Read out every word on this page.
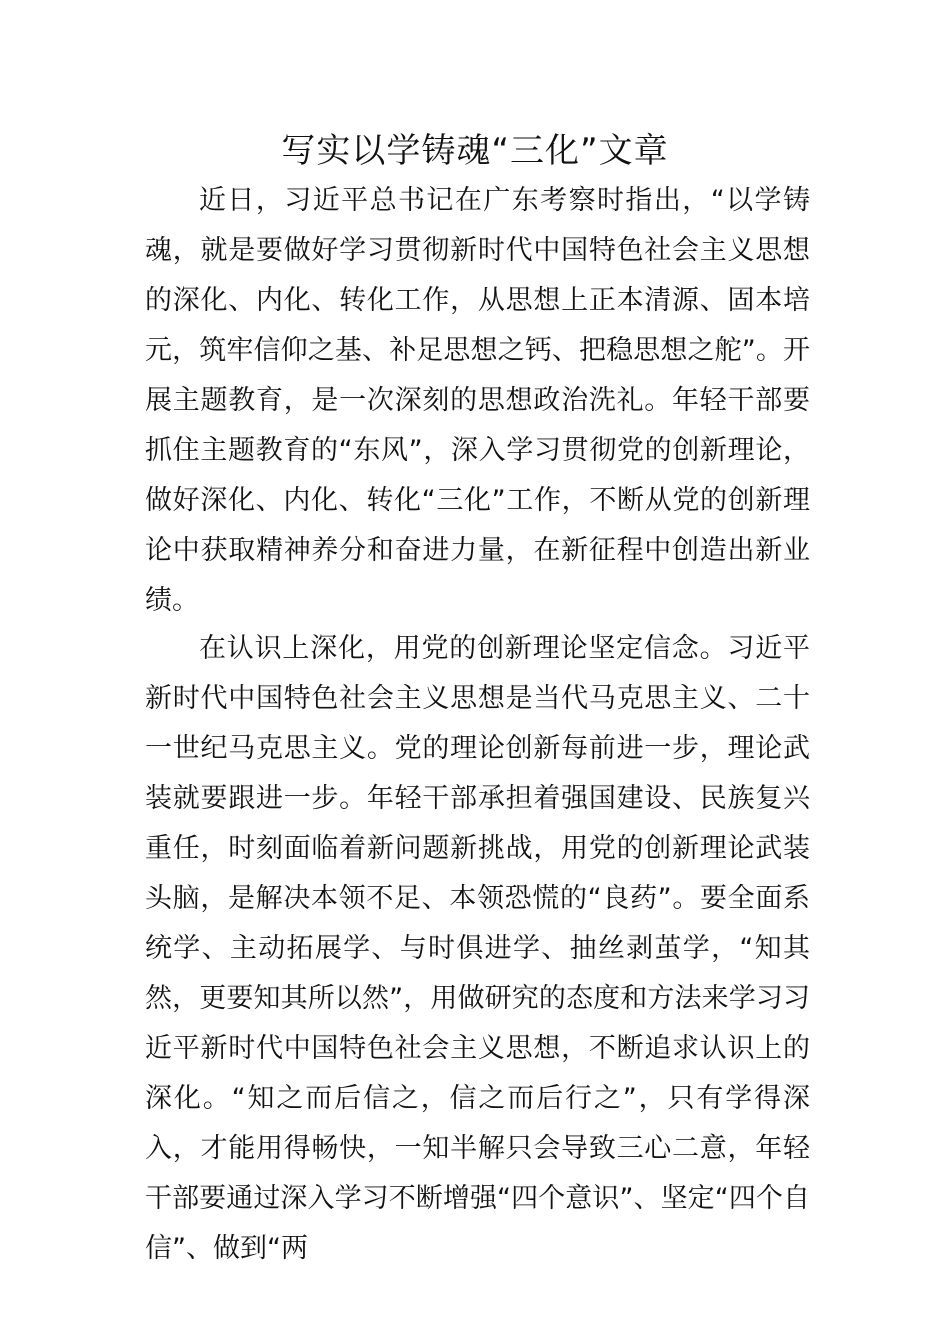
写实以学铸魂“三化”文章

近日，习近平总书记在广东考察时指出，“以学铸魂，就是要做好学习贯彻新时代中国特色社会主义思想的深化、内化、转化工作，从思想上正本清源、固本培元，筑牢信仰之基、补足思想之钙、把稳思想之舵”。开展主题教育，是一次深刻的思想政治洗礼。年轻干部要抓住主题教育的“东风”，深入学习贯彻党的创新理论，做好深化、内化、转化“三化”工作，不断从党的创新理论中获取精神养分和奋进力量，在新征程中创造出新业绩。

在认识上深化，用党的创新理论坚定信念。习近平新时代中国特色社会主义思想是当代马克思主义、二十一世纪马克思主义。党的理论创新每前进一步，理论武装就要跟进一步。年轻干部承担着强国建设、民族复兴重任，时刻面临着新问题新挑战，用党的创新理论武装头脑，是解决本领不足、本领恐慌的“良药”。要全面系统学、主动拓展学、与时俱进学、抽丝剥茧学，“知其然，更要知其所以然”，用做研究的态度和方法来学习习近平新时代中国特色社会主义思想，不断追求认识上的深化。“知之而后信之，信之而后行之”，只有学得深入，才能用得畅快，一知半解只会导致三心二意，年轻干部要通过深入学习不断增强“四个意识”、坚定“四个自信”、做到“两
